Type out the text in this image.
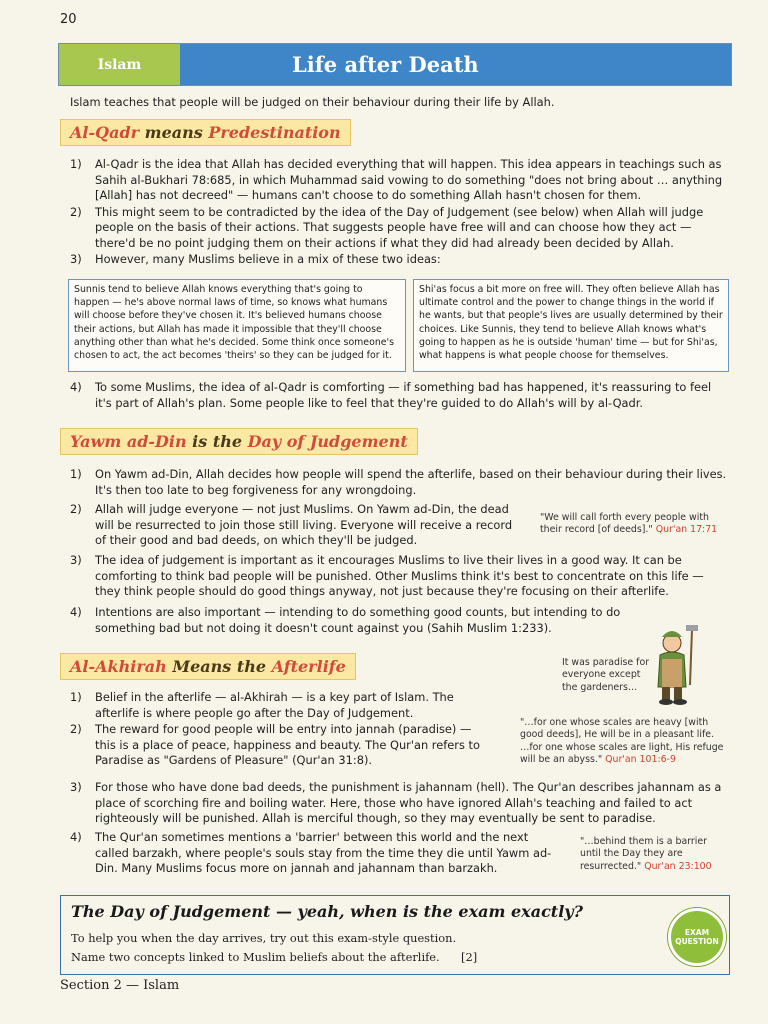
20
Islam	Life after Death
Islam teaches that people will be judged on their behaviour during their life by Allah.
Al-Qadr means Predestination
1) Al-Qadr is the idea that Allah has decided everything that will happen. This idea appears in teachings such as Sahih al-Bukhari 78:685, in which Muhammad said vowing to do something "does not bring about … anything [Allah] has not decreed" — humans can't choose to do something Allah hasn't chosen for them.
2) This might seem to be contradicted by the idea of the Day of Judgement (see below) when Allah will judge people on the basis of their actions. That suggests people have free will and can choose how they act — there'd be no point judging them on their actions if what they did had already been decided by Allah.
3) However, many Muslims believe in a mix of these two ideas:
Sunnis tend to believe Allah knows everything that's going to happen — he's above normal laws of time, so knows what humans will choose before they've chosen it. It's believed humans choose their actions, but Allah has made it impossible that they'll choose anything other than what he's decided. Some think once someone's chosen to act, the act becomes 'theirs' so they can be judged for it.
Shi'as focus a bit more on free will. They often believe Allah has ultimate control and the power to change things in the world if he wants, but that people's lives are usually determined by their choices. Like Sunnis, they tend to believe Allah knows what's going to happen as he is outside 'human' time — but for Shi'as, what happens is what people choose for themselves.
4) To some Muslims, the idea of al-Qadr is comforting — if something bad has happened, it's reassuring to feel it's part of Allah's plan. Some people like to feel that they're guided to do Allah's will by al-Qadr.
Yawm ad-Din is the Day of Judgement
1) On Yawm ad-Din, Allah decides how people will spend the afterlife, based on their behaviour during their lives. It's then too late to beg forgiveness for any wrongdoing.
2) Allah will judge everyone — not just Muslims. On Yawm ad-Din, the dead will be resurrected to join those still living. Everyone will receive a record of their good and bad deeds, on which they'll be judged.
"We will call forth every people with their record [of deeds]." Qur'an 17:71
3) The idea of judgement is important as it encourages Muslims to live their lives in a good way. It can be comforting to think bad people will be punished. Other Muslims think it's best to concentrate on this life — they think people should do good things anyway, not just because they're focusing on their afterlife.
4) Intentions are also important — intending to do something good counts, but intending to do something bad but not doing it doesn't count against you (Sahih Muslim 1:233).
Al-Akhirah Means the Afterlife	It was paradise for everyone except the gardeners…
1) Belief in the afterlife — al-Akhirah — is a key part of Islam. The afterlife is where people go after the Day of Judgement.
2) The reward for good people will be entry into jannah (paradise) — this is a place of peace, happiness and beauty. The Qur'an refers to Paradise as "Gardens of Pleasure" (Qur'an 31:8).
"…for one whose scales are heavy [with good deeds], He will be in a pleasant life. …for one whose scales are light, His refuge will be an abyss." Qur'an 101:6-9
3) For those who have done bad deeds, the punishment is jahannam (hell). The Qur'an describes jahannam as a place of scorching fire and boiling water. Here, those who have ignored Allah's teaching and failed to act righteously will be punished. Allah is merciful though, so they may eventually be sent to paradise.
4) The Qur'an sometimes mentions a 'barrier' between this world and the next called barzakh, where people's souls stay from the time they die until Yawm ad-Din. Many Muslims focus more on jannah and jahannam than barzakh.
"…behind them is a barrier until the Day they are resurrected." Qur'an 23:100
The Day of Judgement — yeah, when is the exam exactly?
To help you when the day arrives, try out this exam-style question.
Name two concepts linked to Muslim beliefs about the afterlife. [2]
EXAM
QUESTION
Section 2 — Islam
